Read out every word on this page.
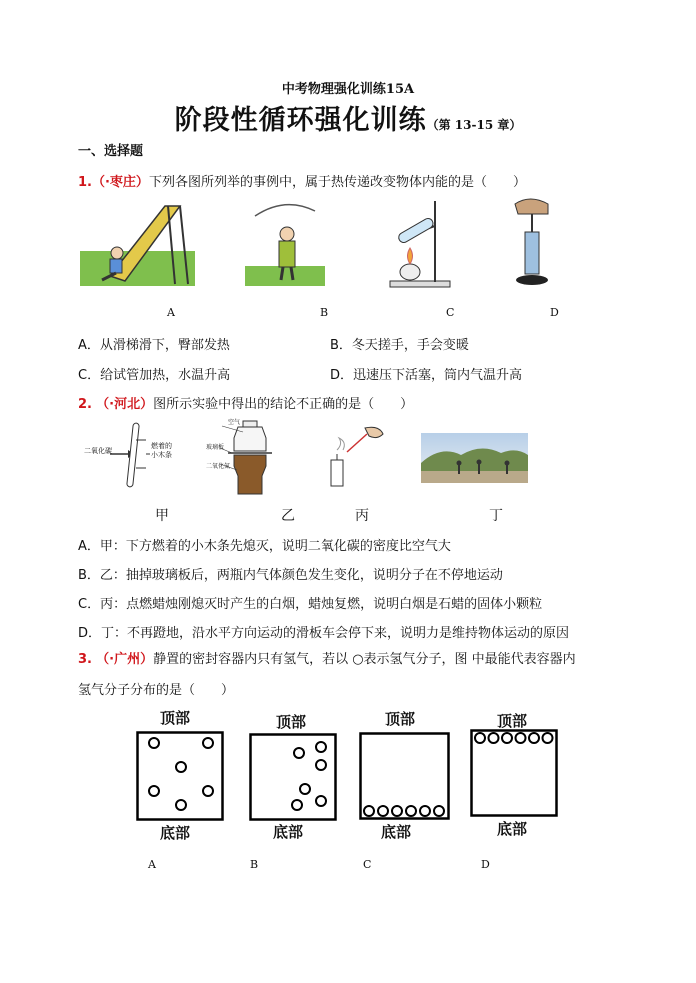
中考物理强化训练15A
阶段性循环强化训练（第 13-15 章）
一、选择题
1.（·枣庄）下列各图所列举的事例中，属于热传递改变物体内能的是（　　）
A	B	C	D
A．从滑梯滑下，臀部发热	B．冬天搓手，手会变暖
C．给试管加热，水温升高	D．迅速压下活塞，筒内气温升高
2. （·河北）图所示实验中得出的结论不正确的是（　　）
二氧化碳
燃着的
小木条
空气
玻璃板
二氧化氮
甲	乙	丙	丁
A．甲：下方燃着的小木条先熄灭，说明二氧化碳的密度比空气大
B．乙：抽掉玻璃板后，两瓶内气体颜色发生变化，说明分子在不停地运动
C．丙：点燃蜡烛刚熄灭时产生的白烟，蜡烛复燃，说明白烟是石蜡的固体小颗粒
D．丁：不再蹬地，沿水平方向运动的滑板车会停下来，说明力是维持物体运动的原因
3. （·广州）静置的密封容器内只有氢气，若以 ○表示氢气分子，图 中最能代表容器内
氢气分子分布的是（　　）
顶部	顶部	顶部	顶部
底部	底部	底部	底部
A	B	C	D
